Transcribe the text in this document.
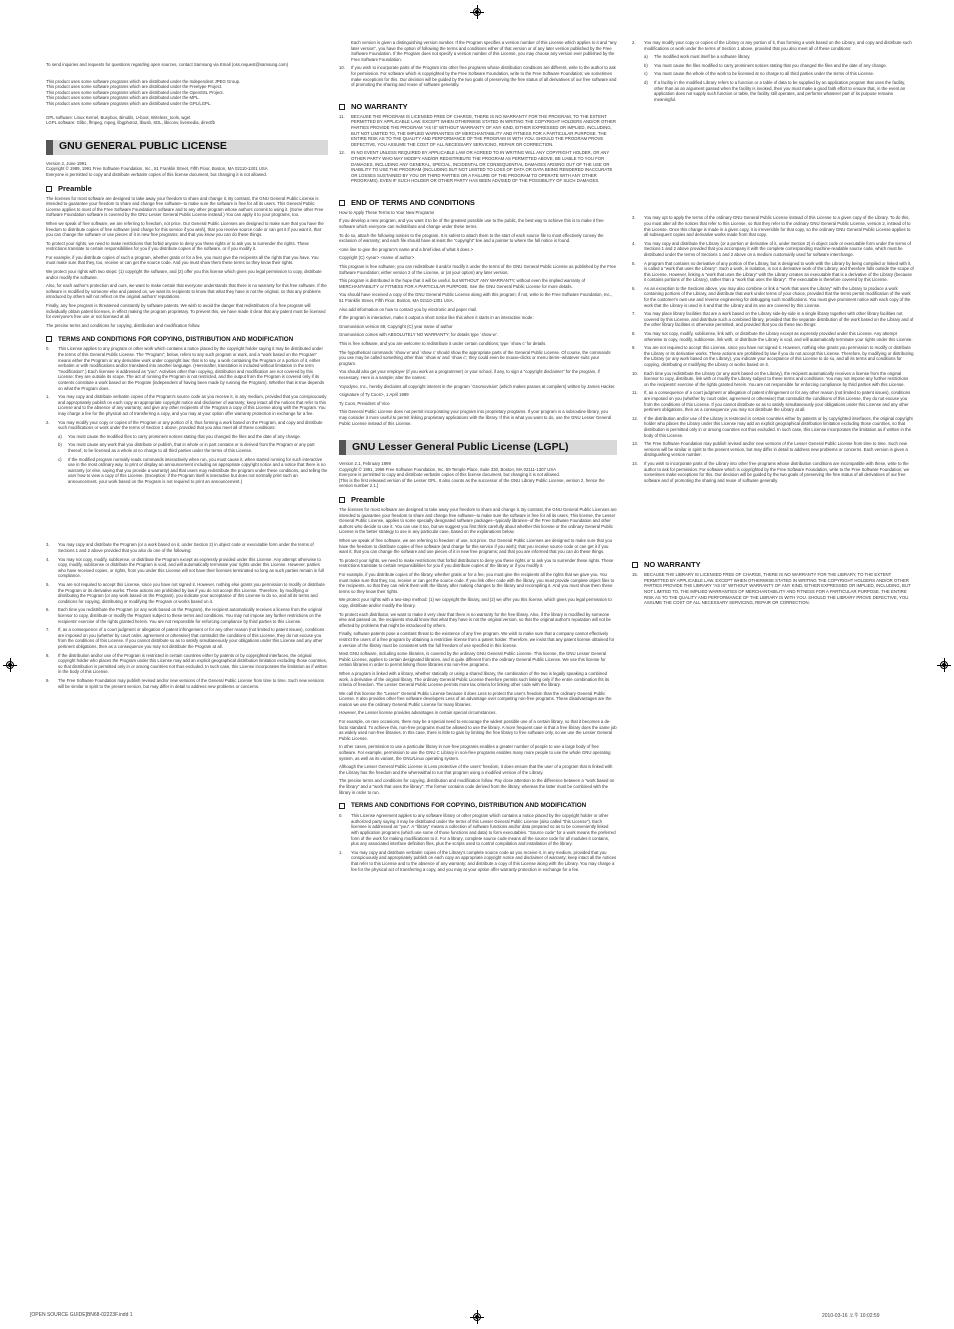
To send inquiries and requests for questions regarding open sources, contact Samsung via Email (oss.request@samsung.com)

This product uses some software programs which are distributed under the Independent JPEG Group.

This product uses some software programs which are distributed under the Freetype Project.

This product uses some software programs which are distributed under the OpenSSL Project.

This product uses some software programs which are distributed under the MPL.

This product uses some software programs which are distributed under the GPL/LGPL.

GPL software: Linux Kernel, Busybox, Binutils, U-boot, Wireless_tools, wget

LGPL software: Glibc, ffmpeg, mpeg, libgphoto2, libusb, SDL, libiconv, livemedia, directfb

GNU GENERAL PUBLIC LICENSE

Version 2, June 1991

Copyright © 1989, 1991 Free Software Foundation, Inc., 51 Franklin Street, Fifth Floor, Boston, MA 02110-1301 USA

Everyone is permitted to copy and distribute verbatim copies of this license document, but changing it is not allowed.

Preamble

The licenses for most software are designed to take away your freedom to share and change it. By contrast, the GNU General Public License is intended to guarantee your freedom to share and change free software--to make sure the software is free for all its users. This General Public License applies to most of the Free Software Foundation's software and to any other program whose authors commit to using it. (Some other Free Software Foundation software is covered by the GNU Lesser General Public License instead.) You can apply it to your programs, too.

When we speak of free software, we are referring to freedom, not price. Our General Public Licenses are designed to make sure that you have the freedom to distribute copies of free software (and charge for this service if you wish), that you receive source code or can get it if you want it, that you can change the software or use pieces of it in new free programs; and that you know you can do these things.

To protect your rights, we need to make restrictions that forbid anyone to deny you these rights or to ask you to surrender the rights. These restrictions translate to certain responsibilities for you if you distribute copies of the software, or if you modify it.

For example, if you distribute copies of such a program, whether gratis or for a fee, you must give the recipients all the rights that you have. You must make sure that they, too, receive or can get the source code. And you must show them these terms so they know their rights.

We protect your rights with two steps: (1) copyright the software, and (2) offer you this license which gives you legal permission to copy, distribute and/or modify the software.

Also, for each author's protection and ours, we want to make certain that everyone understands that there is no warranty for this free software. If the software is modified by someone else and passed on, we want its recipients to know that what they have is not the original, so that any problems introduced by others will not reflect on the original authors' reputations.

Finally, any free program is threatened constantly by software patents. We wish to avoid the danger that redistributors of a free program will individually obtain patent licenses, in effect making the program proprietary. To prevent this, we have made it clear that any patent must be licensed for everyone's free use or not licensed at all.

The precise terms and conditions for copying, distribution and modification follow.

TERMS AND CONDITIONS FOR COPYING, DISTRIBUTION AND MODIFICATION
0.	This License applies to any program or other work which contains a notice placed by the copyright holder saying it may be distributed under the terms of this General Public License. The "Program", below, refers to any such program or work, and a "work based on the Program" means either the Program or any derivative work under copyright law: that is to say, a work containing the Program or a portion of it, either verbatim or with modifications and/or translated into another language. (Hereinafter, translation is included without limitation in the term "modification".) Each licensee is addressed as "you". Activities other than copying, distribution and modification are not covered by this License; they are outside its scope. The act of running the Program is not restricted, and the output from the Program is covered only if its contents constitute a work based on the Program (independent of having been made by running the Program). Whether that is true depends on what the Program does.
1.	You may copy and distribute verbatim copies of the Program's source code as you receive it, in any medium, provided that you conspicuously and appropriately publish on each copy an appropriate copyright notice and disclaimer of warranty; keep intact all the notices that refer to this License and to the absence of any warranty; and give any other recipients of the Program a copy of this License along with the Program. You may charge a fee for the physical act of transferring a copy, and you may at your option offer warranty protection in exchange for a fee.
2.	You may modify your copy or copies of the Program or any portion of it, thus forming a work based on the Program, and copy and distribute such modifications or work under the terms of Section 1 above, provided that you also meet all of these conditions:
a)	You must cause the modified files to carry prominent notices stating that you changed the files and the date of any change.
b)	You must cause any work that you distribute or publish, that in whole or in part contains or is derived from the Program or any part thereof, to be licensed as a whole at no charge to all third parties under the terms of this License.
c)	If the modified program normally reads commands interactively when run, you must cause it, when started running for such interactive use in the most ordinary way, to print or display an announcement including an appropriate copyright notice and a notice that there is no warranty (or else, saying that you provide a warranty) and that users may redistribute the program under these conditions, and telling the user how to view a copy of this License. (Exception: if the Program itself is interactive but does not normally print such an announcement, your work based on the Program is not required to print an announcement.)
3.	You may copy and distribute the Program (or a work based on it, under Section 2) in object code or executable form under the terms of Sections 1 and 2 above provided that you also do one of the following:
4.	You may not copy, modify, sublicense, or distribute the Program except as expressly provided under this License. Any attempt otherwise to copy, modify, sublicense or distribute the Program is void, and will automatically terminate your rights under this License. However, parties who have received copies, or rights, from you under this License will not have their licenses terminated so long as such parties remain in full compliance.
5.	You are not required to accept this License, since you have not signed it. However, nothing else grants you permission to modify or distribute the Program or its derivative works. These actions are prohibited by law if you do not accept this License. Therefore, by modifying or distributing the Program (or any work based on the Program), you indicate your acceptance of this License to do so, and all its terms and conditions for copying, distributing or modifying the Program or works based on it.
6.	Each time you redistribute the Program (or any work based on the Program), the recipient automatically receives a license from the original licensor to copy, distribute or modify the Program subject to these terms and conditions. You may not impose any further restrictions on the recipients' exercise of the rights granted herein. You are not responsible for enforcing compliance by third parties to this License.
7.	If, as a consequence of a court judgment or allegation of patent infringement or for any other reason (not limited to patent issues), conditions are imposed on you (whether by court order, agreement or otherwise) that contradict the conditions of this License, they do not excuse you from the conditions of this License. If you cannot distribute so as to satisfy simultaneously your obligations under this License and any other pertinent obligations, then as a consequence you may not distribute the Program at all.
8.	If the distribution and/or use of the Program is restricted in certain countries either by patents or by copyrighted interfaces, the original copyright holder who places the Program under this License may add an explicit geographical distribution limitation excluding those countries, so that distribution is permitted only in or among countries not thus excluded. In such case, this License incorporates the limitation as if written in the body of this License.
9.	The Free Software Foundation may publish revised and/or new versions of the General Public License from time to time. Such new versions will be similar in spirit to the present version, but may differ in detail to address new problems or concerns.

Each version is given a distinguishing version number. If the Program specifies a version number of this License which applies to it and "any later version", you have the option of following the terms and conditions either of that version or of any later version published by the Free Software Foundation. If the Program does not specify a version number of this License, you may choose any version ever published by the Free Software Foundation.

10.	If you wish to incorporate parts of the Program into other free programs whose distribution conditions are different, write to the author to ask for permission. For software which is copyrighted by the Free Software Foundation, write to the Free Software Foundation; we sometimes make exceptions for this. Our decision will be guided by the two goals of preserving the free status of all derivatives of our free software and of promoting the sharing and reuse of software generally.
NO WARRANTY
11.	BECAUSE THE PROGRAM IS LICENSED FREE OF CHARGE, THERE IS NO WARRANTY FOR THE PROGRAM, TO THE EXTENT PERMITTED BY APPLICABLE LAW. EXCEPT WHEN OTHERWISE STATED IN WRITING THE COPYRIGHT HOLDERS AND/OR OTHER PARTIES PROVIDE THE PROGRAM "AS IS" WITHOUT WARRANTY OF ANY KIND, EITHER EXPRESSED OR IMPLIED, INCLUDING, BUT NOT LIMITED TO, THE IMPLIED WARRANTIES OF MERCHANTABILITY AND FITNESS FOR A PARTICULAR PURPOSE. THE ENTIRE RISK AS TO THE QUALITY AND PERFORMANCE OF THE PROGRAM IS WITH YOU. SHOULD THE PROGRAM PROVE DEFECTIVE, YOU ASSUME THE COST OF ALL NECESSARY SERVICING, REPAIR OR CORRECTION.
12.	IN NO EVENT UNLESS REQUIRED BY APPLICABLE LAW OR AGREED TO IN WRITING WILL ANY COPYRIGHT HOLDER, OR ANY OTHER PARTY WHO MAY MODIFY AND/OR REDISTRIBUTE THE PROGRAM AS PERMITTED ABOVE, BE LIABLE TO YOU FOR DAMAGES, INCLUDING ANY GENERAL, SPECIAL, INCIDENTAL OR CONSEQUENTIAL DAMAGES ARISING OUT OF THE USE OR INABILITY TO USE THE PROGRAM (INCLUDING BUT NOT LIMITED TO LOSS OF DATA OR DATA BEING RENDERED INACCURATE OR LOSSES SUSTAINED BY YOU OR THIRD PARTIES OR A FAILURE OF THE PROGRAM TO OPERATE WITH ANY OTHER PROGRAMS), EVEN IF SUCH HOLDER OR OTHER PARTY HAS BEEN ADVISED OF THE POSSIBILITY OF SUCH DAMAGES.
END OF TERMS AND CONDITIONS

How to Apply These Terms to Your New Programs

If you develop a new program, and you want it to be of the greatest possible use to the public, the best way to achieve this is to make it free software which everyone can redistribute and change under these terms.

To do so, attach the following notices to the program. It is safest to attach them to the start of each source file to most effectively convey the exclusion of warranty; and each file should have at least the "copyright" line and a pointer to where the full notice is found.

<one line to give the program's name and a brief idea of what it does.>

Copyright (C) <year> <name of author>

This program is free software; you can redistribute it and/or modify it under the terms of the GNU General Public License as published by the Free Software Foundation; either version 2 of the License, or (at your option) any later version.

This program is distributed in the hope that it will be useful, but WITHOUT ANY WARRANTY; without even the implied warranty of MERCHANTABILITY or FITNESS FOR A PARTICULAR PURPOSE. See the GNU General Public License for more details.

You should have received a copy of the GNU General Public License along with this program; if not, write to the Free Software Foundation, Inc., 51 Franklin Street, Fifth Floor, Boston, MA 02110-1301 USA.

Also add information on how to contact you by electronic and paper mail.

If the program is interactive, make it output a short notice like this when it starts in an interactive mode:

Gnomovision version 69, Copyright (C) year name of author

Gnomovision comes with ABSOLUTELY NO WARRANTY; for details type `show w'.

This is free software, and you are welcome to redistribute it under certain conditions; type `show c' for details.

The hypothetical commands `show w' and `show c' should show the appropriate parts of the General Public License. Of course, the commands you use may be called something other than `show w' and `show c'; they could even be mouse-clicks or menu items--whatever suits your program.

You should also get your employer (if you work as a programmer) or your school, if any, to sign a "copyright disclaimer" for the program, if necessary. Here is a sample; alter the names:

Yoyodyne, Inc., hereby disclaims all copyright interest in the program `Gnomovision' (which makes passes at compilers) written by James Hacker.

<signature of Ty Coon>, 1 April 1989

Ty Coon, President of Vice

This General Public License does not permit incorporating your program into proprietary programs. If your program is a subroutine library, you may consider it more useful to permit linking proprietary applications with the library. If this is what you want to do, use the GNU Lesser General Public License instead of this License.

GNU Lesser General Public License (LGPL)

Version 2.1, February 1999

Copyright © 1991, 1999 Free Software Foundation, Inc. 59 Temple Place, Suite 330, Boston, MA 02111-1307 USA

Everyone is permitted to copy and distribute verbatim copies of this license document, but changing it is not allowed.

[This is the first released version of the Lesser GPL. It also counts as the successor of the GNU Library Public License, version 2, hence the version number 2.1.]

Preamble

The licenses for most software are designed to take away your freedom to share and change it. By contrast, the GNU General Public Licenses are intended to guarantee your freedom to share and change free software--to make sure the software is free for all its users. This license, the Lesser General Public License, applies to some specially designated software packages--typically libraries--of the Free Software Foundation and other authors who decide to use it. You can use it too, but we suggest you first think carefully about whether this license or the ordinary General Public License is the better strategy to use in any particular case, based on the explanations below.

When we speak of free software, we are referring to freedom of use, not price. Our General Public Licenses are designed to make sure that you have the freedom to distribute copies of free software (and charge for this service if you wish); that you receive source code or can get it if you want it; that you can change the software and use pieces of it in new free programs; and that you are informed that you can do these things.

To protect your rights, we need to make restrictions that forbid distributors to deny you these rights or to ask you to surrender these rights. These restrictions translate to certain responsibilities for you if you distribute copies of the library or if you modify it.

For example, if you distribute copies of the library, whether gratis or for a fee, you must give the recipients all the rights that we gave you. You must make sure that they, too, receive or can get the source code. If you link other code with the library, you must provide complete object files to the recipients, so that they can relink them with the library after making changes to the library and recompiling it. And you must show them these terms so they know their rights.

We protect your rights with a two-step method: (1) we copyright the library, and (2) we offer you this license, which gives you legal permission to copy, distribute and/or modify the library.

To protect each distributor, we want to make it very clear that there is no warranty for the free library. Also, if the library is modified by someone else and passed on, the recipients should know that what they have is not the original version, so that the original author's reputation will not be affected by problems that might be introduced by others.

Finally, software patents pose a constant threat to the existence of any free program. We wish to make sure that a company cannot effectively restrict the users of a free program by obtaining a restrictive license from a patent holder. Therefore, we insist that any patent license obtained for a version of the library must be consistent with the full freedom of use specified in this license.

Most GNU software, including some libraries, is covered by the ordinary GNU General Public License. This license, the GNU Lesser General Public License, applies to certain designated libraries, and is quite different from the ordinary General Public License. We use this license for certain libraries in order to permit linking those libraries into non-free programs.

When a program is linked with a library, whether statically or using a shared library, the combination of the two is legally speaking a combined work, a derivative of the original library. The ordinary General Public License therefore permits such linking only if the entire combination fits its criteria of freedom. The Lesser General Public License permits more lax criteria for linking other code with the library.

We call this license the "Lesser" General Public License because it does Less to protect the user's freedom than the ordinary General Public License. It also provides other free software developers Less of an advantage over competing non-free programs. These disadvantages are the reason we use the ordinary General Public License for many libraries.

However, the Lesser license provides advantages in certain special circumstances.

For example, on rare occasions, there may be a special need to encourage the widest possible use of a certain library, so that it becomes a de-facto standard. To achieve this, non-free programs must be allowed to use the library. A more frequent case is that a free library does the same job as widely used non-free libraries. In this case, there is little to gain by limiting the free library to free software only, so we use the Lesser General Public License.

In other cases, permission to use a particular library in non-free programs enables a greater number of people to use a large body of free software. For example, permission to use the GNU C Library in non-free programs enables many more people to use the whole GNU operating system, as well as its variant, the GNU/Linux operating system.

Although the Lesser General Public License is Less protective of the users' freedom, it does ensure that the user of a program that is linked with the Library has the freedom and the wherewithal to run that program using a modified version of the Library.

The precise terms and conditions for copying, distribution and modification follow. Pay close attention to the difference between a "work based on the library" and a "work that uses the library". The former contains code derived from the library, whereas the latter must be combined with the library in order to run.

TERMS AND CONDITIONS FOR COPYING, DISTRIBUTION AND MODIFICATION
0.	This License Agreement applies to any software library or other program which contains a notice placed by the copyright holder or other authorized party saying it may be distributed under the terms of this Lesser General Public License (also called "this License"). Each licensee is addressed as "you". A "library" means a collection of software functions and/or data prepared so as to be conveniently linked with application programs (which use some of those functions and data) to form executables. "Source code" for a work means the preferred form of the work for making modifications to it. For a library, complete source code means all the source code for all modules it contains, plus any associated interface definition files, plus the scripts used to control compilation and installation of the library.
1.	You may copy and distribute verbatim copies of the Library's complete source code as you receive it, in any medium, provided that you conspicuously and appropriately publish on each copy an appropriate copyright notice and disclaimer of warranty; keep intact all the notices that refer to this License and to the absence of any warranty; and distribute a copy of this License along with the Library. You may charge a fee for the physical act of transferring a copy, and you may at your option offer warranty protection in exchange for a fee.
2.	You may modify your copy or copies of the Library or any portion of it, thus forming a work based on the Library, and copy and distribute such modifications or work under the terms of Section 1 above, provided that you also meet all of these conditions:
a)	The modified work must itself be a software library.
b)	You must cause the files modified to carry prominent notices stating that you changed the files and the date of any change.
c)	You must cause the whole of the work to be licensed at no charge to all third parties under the terms of this License.
d)	If a facility in the modified Library refers to a function or a table of data to be supplied by an application program that uses the facility, other than as an argument passed when the facility is invoked, then you must make a good faith effort to ensure that, in the event an application does not supply such function or table, the facility still operates, and performs whatever part of its purpose remains meaningful.
3.	You may opt to apply the terms of the ordinary GNU General Public License instead of this License to a given copy of the Library. To do this, you must alter all the notices that refer to this License, so that they refer to the ordinary GNU General Public License, version 2, instead of to this License. Once this change is made in a given copy, it is irreversible for that copy, so the ordinary GNU General Public License applies to all subsequent copies and derivative works made from that copy.
4.	You may copy and distribute the Library (or a portion or derivative of it, under Section 2) in object code or executable form under the terms of Sections 1 and 2 above provided that you accompany it with the complete corresponding machine-readable source code, which must be distributed under the terms of Sections 1 and 2 above on a medium customarily used for software interchange.
5.	A program that contains no derivative of any portion of the Library, but is designed to work with the Library by being compiled or linked with it, is called a "work that uses the Library". Such a work, in isolation, is not a derivative work of the Library, and therefore falls outside the scope of this License. However, linking a "work that uses the Library" with the Library creates an executable that is a derivative of the Library (because it contains portions of the Library), rather than a "work that uses the library". The executable is therefore covered by this License.
6.	As an exception to the Sections above, you may also combine or link a "work that uses the Library" with the Library to produce a work containing portions of the Library, and distribute that work under terms of your choice, provided that the terms permit modification of the work for the customer's own use and reverse engineering for debugging such modifications. You must give prominent notice with each copy of the work that the Library is used in it and that the Library and its use are covered by this License.
7.	You may place library facilities that are a work based on the Library side-by-side in a single library together with other library facilities not covered by this License, and distribute such a combined library, provided that the separate distribution of the work based on the Library and of the other library facilities is otherwise permitted, and provided that you do these two things:
8.	You may not copy, modify, sublicense, link with, or distribute the Library except as expressly provided under this License. Any attempt otherwise to copy, modify, sublicense, link with, or distribute the Library is void, and will automatically terminate your rights under this License.
9.	You are not required to accept this License, since you have not signed it. However, nothing else grants you permission to modify or distribute the Library or its derivative works. These actions are prohibited by law if you do not accept this License. Therefore, by modifying or distributing the Library (or any work based on the Library), you indicate your acceptance of this License to do so, and all its terms and conditions for copying, distributing or modifying the Library or works based on it.
10.	Each time you redistribute the Library (or any work based on the Library), the recipient automatically receives a license from the original licensor to copy, distribute, link with or modify the Library subject to these terms and conditions. You may not impose any further restrictions on the recipients' exercise of the rights granted herein. You are not responsible for enforcing compliance by third parties with this License.
11.	If, as a consequence of a court judgment or allegation of patent infringement or for any other reason (not limited to patent issues), conditions are imposed on you (whether by court order, agreement or otherwise) that contradict the conditions of this License, they do not excuse you from the conditions of this License. If you cannot distribute so as to satisfy simultaneously your obligations under this License and any other pertinent obligations, then as a consequence you may not distribute the Library at all.
12.	If the distribution and/or use of the Library is restricted in certain countries either by patents or by copyrighted interfaces, the original copyright holder who places the Library under this License may add an explicit geographical distribution limitation excluding those countries, so that distribution is permitted only in or among countries not thus excluded. In such case, this License incorporates the limitation as if written in the body of this License.
13.	The Free Software Foundation may publish revised and/or new versions of the Lesser General Public License from time to time. Such new versions will be similar in spirit to the present version, but may differ in detail to address new problems or concerns. Each version is given a distinguishing version number.
14.	If you wish to incorporate parts of the Library into other free programs whose distribution conditions are incompatible with these, write to the author to ask for permission. For software which is copyrighted by the Free Software Foundation, write to the Free Software Foundation; we sometimes make exceptions for this. Our decision will be guided by the two goals of preserving the free status of all derivatives of our free software and of promoting the sharing and reuse of software generally.
NO WARRANTY
15.	BECAUSE THE LIBRARY IS LICENSED FREE OF CHARGE, THERE IS NO WARRANTY FOR THE LIBRARY, TO THE EXTENT PERMITTED BY APPLICABLE LAW. EXCEPT WHEN OTHERWISE STATED IN WRITING THE COPYRIGHT HOLDERS AND/OR OTHER PARTIES PROVIDE THE LIBRARY "AS IS" WITHOUT WARRANTY OF ANY KIND, EITHER EXPRESSED OR IMPLIED, INCLUDING, BUT NOT LIMITED TO, THE IMPLIED WARRANTIES OF MERCHANTABILITY AND FITNESS FOR A PARTICULAR PURPOSE. THE ENTIRE RISK AS TO THE QUALITY AND PERFORMANCE OF THE LIBRARY IS WITH YOU. SHOULD THE LIBRARY PROVE DEFECTIVE, YOU ASSUME THE COST OF ALL NECESSARY SERVICING, REPAIR OR CORRECTION.
[OPEN SOURCE GUIDE]BN68-02223F.indd 1	2010-03-16 오후 10:02:59
